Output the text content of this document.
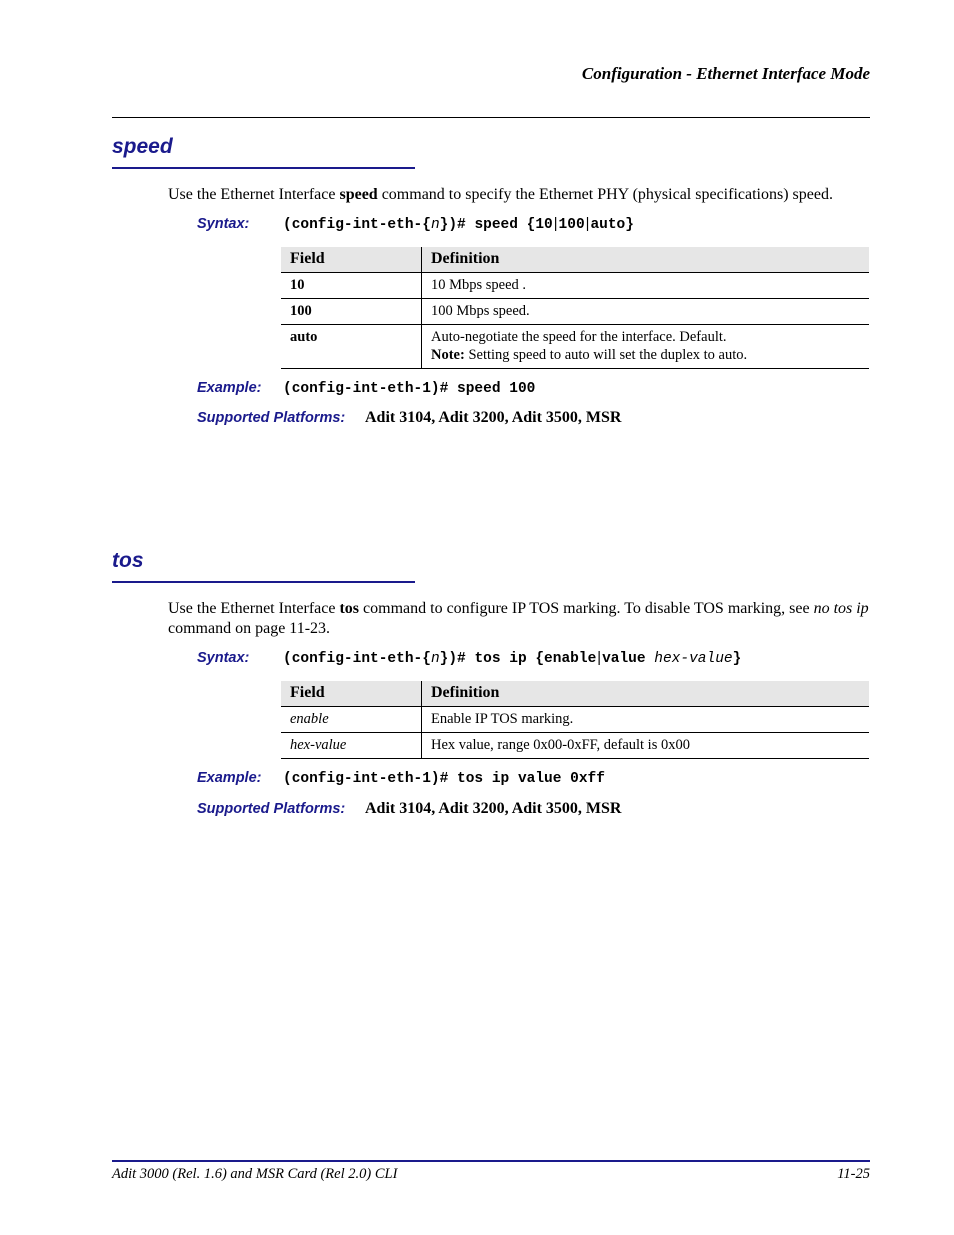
Configuration - Ethernet Interface Mode
speed
Use the Ethernet Interface speed command to specify the Ethernet PHY (physical specifications) speed.
Syntax: (config-int-eth-{n})# speed {10|100|auto}
Field	Definition
10	10 Mbps speed .
100	100 Mbps speed.
auto	Auto-negotiate the speed for the interface. Default.
Note: Setting speed to auto will set the duplex to auto.
Example: (config-int-eth-1)# speed 100
Supported Platforms: Adit 3104, Adit 3200, Adit 3500, MSR
tos
Use the Ethernet Interface tos command to configure IP TOS marking. To disable TOS marking, see no tos ip command on page 11-23.
Syntax: (config-int-eth-{n})# tos ip {enable|value hex-value}
Field	Definition
enable	Enable IP TOS marking.
hex-value	Hex value, range 0x00-0xFF, default is 0x00
Example: (config-int-eth-1)# tos ip value 0xff
Supported Platforms: Adit 3104, Adit 3200, Adit 3500, MSR
Adit 3000 (Rel. 1.6) and MSR Card (Rel 2.0) CLI	11-25
